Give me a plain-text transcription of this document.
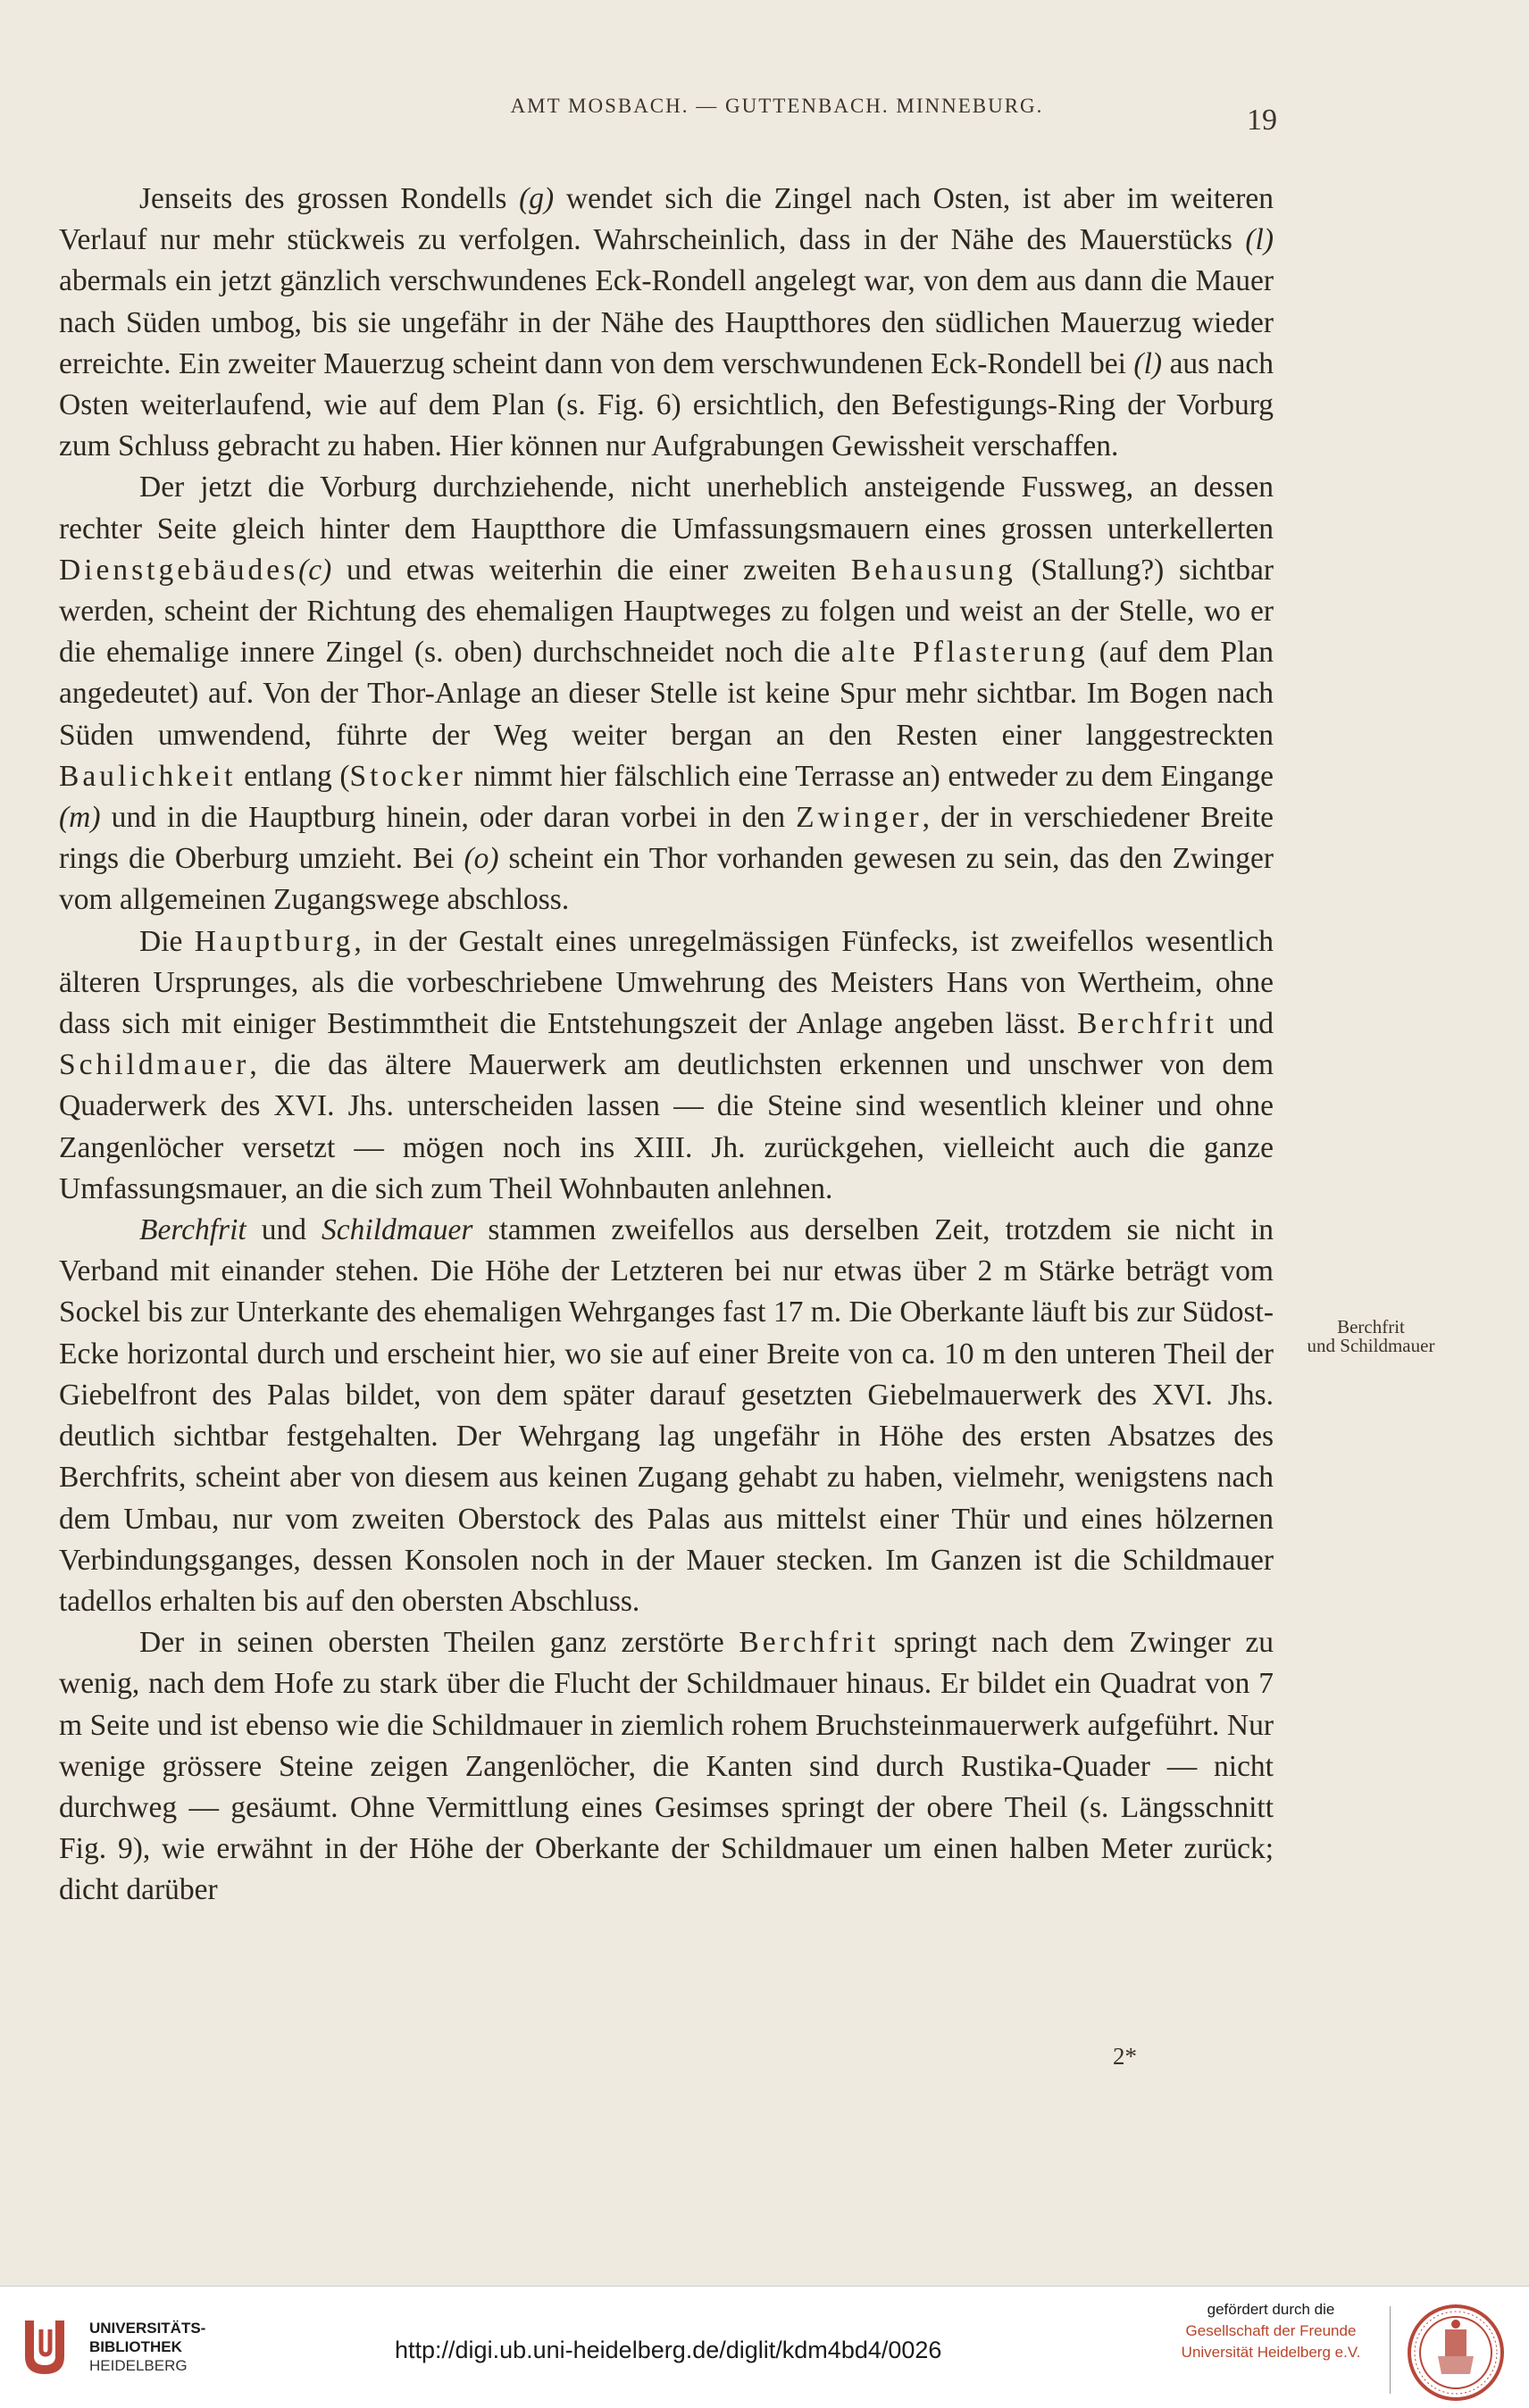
AMT MOSBACH. — GUTTENBACH. MINNEBURG.	19

Jenseits des grossen Rondells (g) wendet sich die Zingel nach Osten, ist aber im weiteren Verlauf nur mehr stückweis zu verfolgen. Wahrscheinlich, dass in der Nähe des Mauerstücks (l) abermals ein jetzt gänzlich verschwundenes Eck-Rondell angelegt war, von dem aus dann die Mauer nach Süden umbog, bis sie ungefähr in der Nähe des Hauptthores den südlichen Mauerzug wieder erreichte. Ein zweiter Mauerzug scheint dann von dem verschwundenen Eck-Rondell bei (l) aus nach Osten weiterlaufend, wie auf dem Plan (s. Fig. 6) ersichtlich, den Befestigungs-Ring der Vorburg zum Schluss gebracht zu haben. Hier können nur Aufgrabungen Gewissheit verschaffen.

Der jetzt die Vorburg durchziehende, nicht unerheblich ansteigende Fussweg, an dessen rechter Seite gleich hinter dem Hauptthore die Umfassungsmauern eines grossen unterkellerten Dienstgebäudes(c) und etwas weiterhin die einer zweiten Behausung (Stallung?) sichtbar werden, scheint der Richtung des ehemaligen Hauptweges zu folgen und weist an der Stelle, wo er die ehemalige innere Zingel (s. oben) durchschneidet noch die alte Pflasterung (auf dem Plan angedeutet) auf. Von der Thor-Anlage an dieser Stelle ist keine Spur mehr sichtbar. Im Bogen nach Süden umwendend, führte der Weg weiter bergan an den Resten einer langgestreckten Baulichkeit entlang (Stocker nimmt hier fälschlich eine Terrasse an) entweder zu dem Eingange (m) und in die Hauptburg hinein, oder daran vorbei in den Zwinger, der in verschiedener Breite rings die Oberburg umzieht. Bei (o) scheint ein Thor vorhanden gewesen zu sein, das den Zwinger vom allgemeinen Zugangswege abschloss.

Die Hauptburg, in der Gestalt eines unregelmässigen Fünfecks, ist zweifellos wesentlich älteren Ursprunges, als die vorbeschriebene Umwehrung des Meisters Hans von Wertheim, ohne dass sich mit einiger Bestimmtheit die Entstehungszeit der Anlage angeben lässt. Berchfrit und Schildmauer, die das ältere Mauerwerk am deutlichsten erkennen und unschwer von dem Quaderwerk des XVI. Jhs. unterscheiden lassen — die Steine sind wesentlich kleiner und ohne Zangenlöcher versetzt — mögen noch ins XIII. Jh. zurückgehen, vielleicht auch die ganze Umfassungsmauer, an die sich zum Theil Wohnbauten anlehnen.

Berchfrit und Schildmauer stammen zweifellos aus derselben Zeit, trotzdem sie nicht in Verband mit einander stehen. Die Höhe der Letzteren bei nur etwas über 2 m Stärke beträgt vom Sockel bis zur Unterkante des ehemaligen Wehrganges fast 17 m. Die Oberkante läuft bis zur Südost-Ecke horizontal durch und erscheint hier, wo sie auf einer Breite von ca. 10 m den unteren Theil der Giebelfront des Palas bildet, von dem später darauf gesetzten Giebelmauerwerk des XVI. Jhs. deutlich sichtbar festgehalten. Der Wehrgang lag ungefähr in Höhe des ersten Absatzes des Berchfrits, scheint aber von diesem aus keinen Zugang gehabt zu haben, vielmehr, wenigstens nach dem Umbau, nur vom zweiten Oberstock des Palas aus mittelst einer Thür und eines hölzernen Verbindungsganges, dessen Konsolen noch in der Mauer stecken. Im Ganzen ist die Schildmauer tadellos erhalten bis auf den obersten Abschluss.

Der in seinen obersten Theilen ganz zerstörte Berchfrit springt nach dem Zwinger zu wenig, nach dem Hofe zu stark über die Flucht der Schildmauer hinaus. Er bildet ein Quadrat von 7 m Seite und ist ebenso wie die Schildmauer in ziemlich rohem Bruchsteinmauerwerk aufgeführt. Nur wenige grössere Steine zeigen Zangenlöcher, die Kanten sind durch Rustika-Quader — nicht durchweg — gesäumt. Ohne Vermittlung eines Gesimses springt der obere Theil (s. Längsschnitt Fig. 9), wie erwähnt in der Höhe der Oberkante der Schildmauer um einen halben Meter zurück; dicht darüber

Berchfrit
und Schildmauer
2*
UNIVERSITÄTS-
BIBLIOTHEK
HEIDELBERG
http://digi.ub.uni-heidelberg.de/diglit/kdm4bd4/0026
gefördert durch die
Gesellschaft der Freunde
Universität Heidelberg e.V.
